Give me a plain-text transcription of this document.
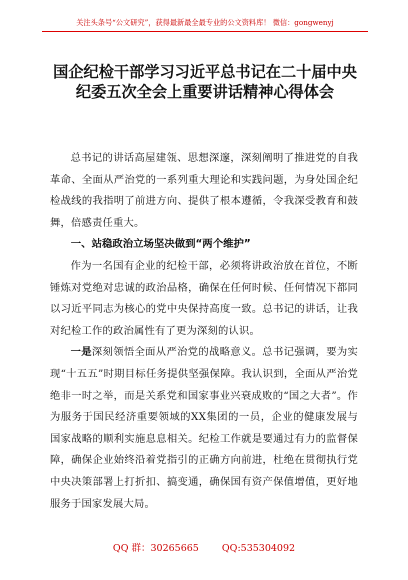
关注头条号“公文研究”，获得最新最全最专业的公文资料库！ 微信：gongwenyj
国企纪检干部学习习近平总书记在二十届中央纪委五次全会上重要讲话精神心得体会

总书记的讲话高屋建瓴、思想深邃，深刻阐明了推进党的自我革命、全面从严治党的一系列重大理论和实践问题，为身处国企纪检战线的我指明了前进方向、提供了根本遵循，令我深受教育和鼓舞，倍感责任重大。

一、站稳政治立场坚决做到“两个维护”

作为一名国有企业的纪检干部，必须将讲政治放在首位，不断锤炼对党绝对忠诚的政治品格，确保在任何时候、任何情况下都同以习近平同志为核心的党中央保持高度一致。总书记的讲话，让我对纪检工作的政治属性有了更为深刻的认识。

一是深刻领悟全面从严治党的战略意义。总书记强调，要为实现“十五五”时期目标任务提供坚强保障。我认识到，全面从严治党绝非一时之举，而是关系党和国家事业兴衰成败的“国之大者”。作为服务于国民经济重要领域的XX集团的一员，企业的健康发展与国家战略的顺利实施息息相关。纪检工作就是要通过有力的监督保障，确保企业始终沿着党指引的正确方向前进，杜绝在贯彻执行党中央决策部署上打折扣、搞变通，确保国有资产保值增值，更好地服务于国家发展大局。

QQ 群：30265665 QQ:535304092
